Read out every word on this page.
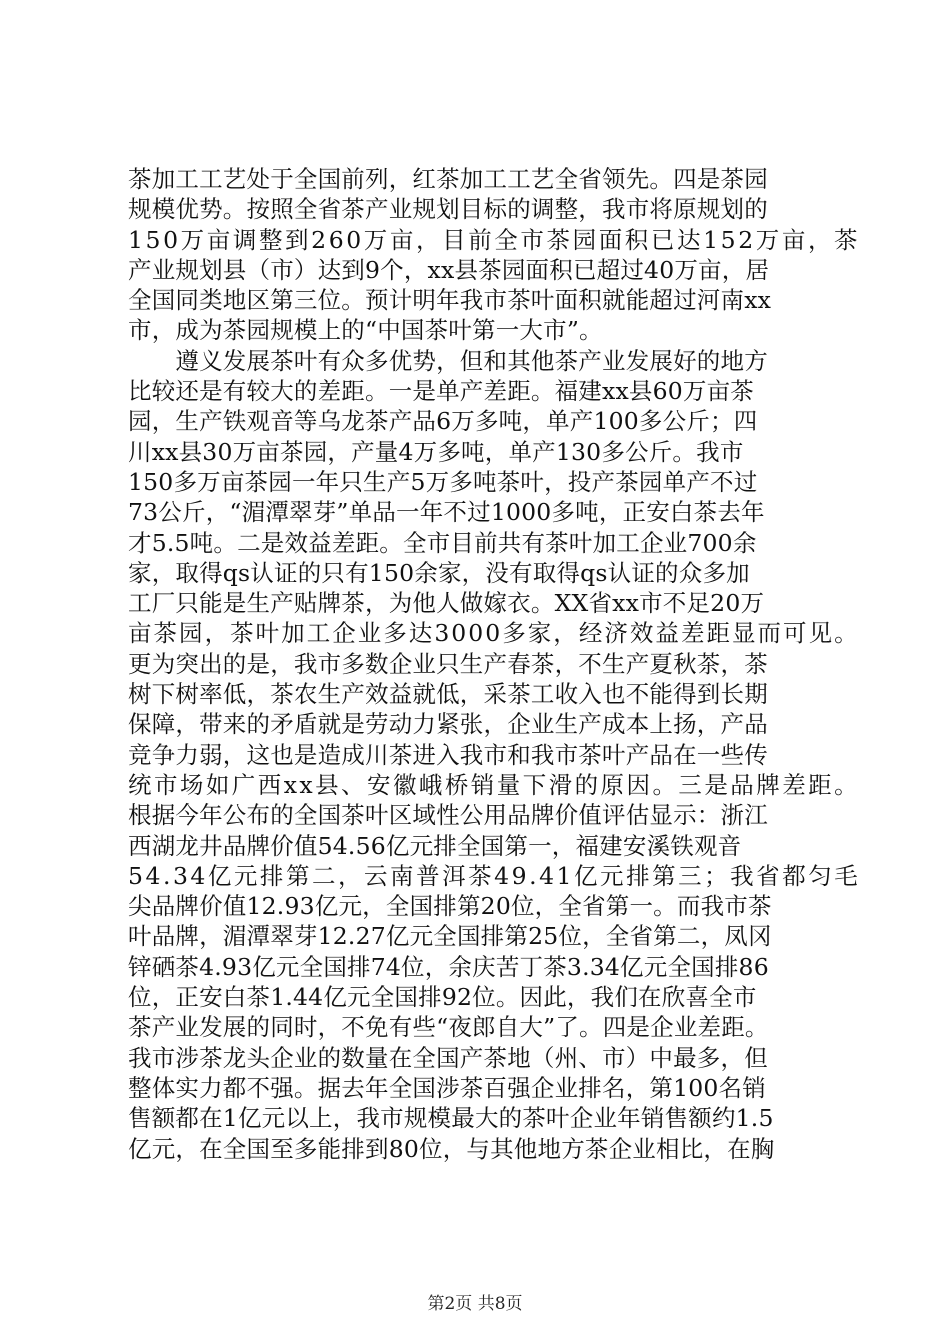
茶加工工艺处于全国前列，红茶加工工艺全省领先。四是茶园
规模优势。按照全省茶产业规划目标的调整，我市将原规划的
150万亩调整到260万亩，目前全市茶园面积已达152万亩，茶
产业规划县（市）达到9个，xx县茶园面积已超过40万亩，居
全国同类地区第三位。预计明年我市茶叶面积就能超过河南xx
市，成为茶园规模上的“中国茶叶第一大市”。
　　遵义发展茶叶有众多优势，但和其他茶产业发展好的地方
比较还是有较大的差距。一是单产差距。福建xx县60万亩茶
园，生产铁观音等乌龙茶产品6万多吨，单产100多公斤；四
川xx县30万亩茶园，产量4万多吨，单产130多公斤。我市
150多万亩茶园一年只生产5万多吨茶叶，投产茶园单产不过
73公斤，“湄潭翠芽”单品一年不过1000多吨，正安白茶去年
才5.5吨。二是效益差距。全市目前共有茶叶加工企业700余
家，取得qs认证的只有150余家，没有取得qs认证的众多加
工厂只能是生产贴牌茶，为他人做嫁衣。XX省xx市不足20万
亩茶园，茶叶加工企业多达3000多家，经济效益差距显而可见。
更为突出的是，我市多数企业只生产春茶，不生产夏秋茶，茶
树下树率低，茶农生产效益就低，采茶工收入也不能得到长期
保障，带来的矛盾就是劳动力紧张，企业生产成本上扬，产品
竞争力弱，这也是造成川茶进入我市和我市茶叶产品在一些传
统市场如广西xx县、安徽峨桥销量下滑的原因。三是品牌差距。
根据今年公布的全国茶叶区域性公用品牌价值评估显示：浙江
西湖龙井品牌价值54.56亿元排全国第一，福建安溪铁观音
54.34亿元排第二，云南普洱茶49.41亿元排第三；我省都匀毛
尖品牌价值12.93亿元，全国排第20位，全省第一。而我市茶
叶品牌，湄潭翠芽12.27亿元全国排第25位，全省第二，凤冈
锌硒茶4.93亿元全国排74位，余庆苦丁茶3.34亿元全国排86
位，正安白茶1.44亿元全国排92位。因此，我们在欣喜全市
茶产业发展的同时，不免有些“夜郎自大”了。四是企业差距。
我市涉茶龙头企业的数量在全国产茶地（州、市）中最多，但
整体实力都不强。据去年全国涉茶百强企业排名，第100名销
售额都在1亿元以上，我市规模最大的茶叶企业年销售额约1.5
亿元，在全国至多能排到80位，与其他地方茶企业相比，在胸
第2页 共8页
